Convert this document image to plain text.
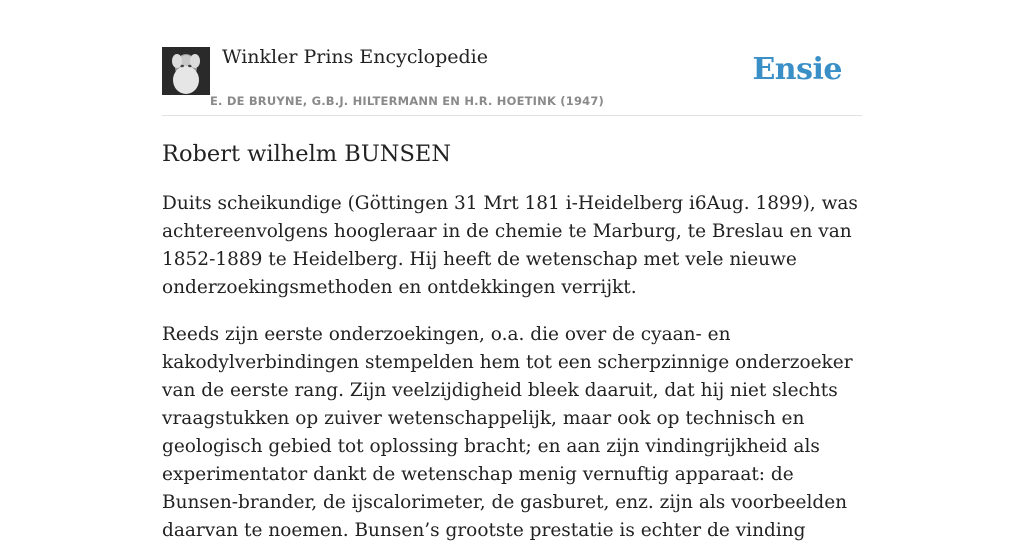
Winkler Prins Encyclopedie
E. DE BRUYNE, G.B.J. HILTERMANN EN H.R. HOETINK (1947)
Ensie
Robert wilhelm BUNSEN

Duits scheikundige (Göttingen 31 Mrt 181 i-Heidelberg i6Aug. 1899), was achtereenvolgens hoogleraar in de chemie te Marburg, te Breslau en van 1852-1889 te Heidelberg. Hij heeft de wetenschap met vele nieuwe onderzoekingsmethoden en ontdekkingen verrijkt.

Reeds zijn eerste onderzoekingen, o.a. die over de cyaan- en kakodylverbindingen stempelden hem tot een scherpzinnige onderzoeker van de eerste rang. Zijn veelzijdigheid bleek daaruit, dat hij niet slechts vraagstukken op zuiver wetenschappelijk, maar ook op technisch en geologisch gebied tot oplossing bracht; en aan zijn vindingrijkheid als experimentator dankt de wetenschap menig vernuftig apparaat: de Bunsen-brander, de ijscalorimeter, de gasburet, enz. zijn als voorbeelden daarvan te noemen. Bunsen’s grootste prestatie is echter de vinding
